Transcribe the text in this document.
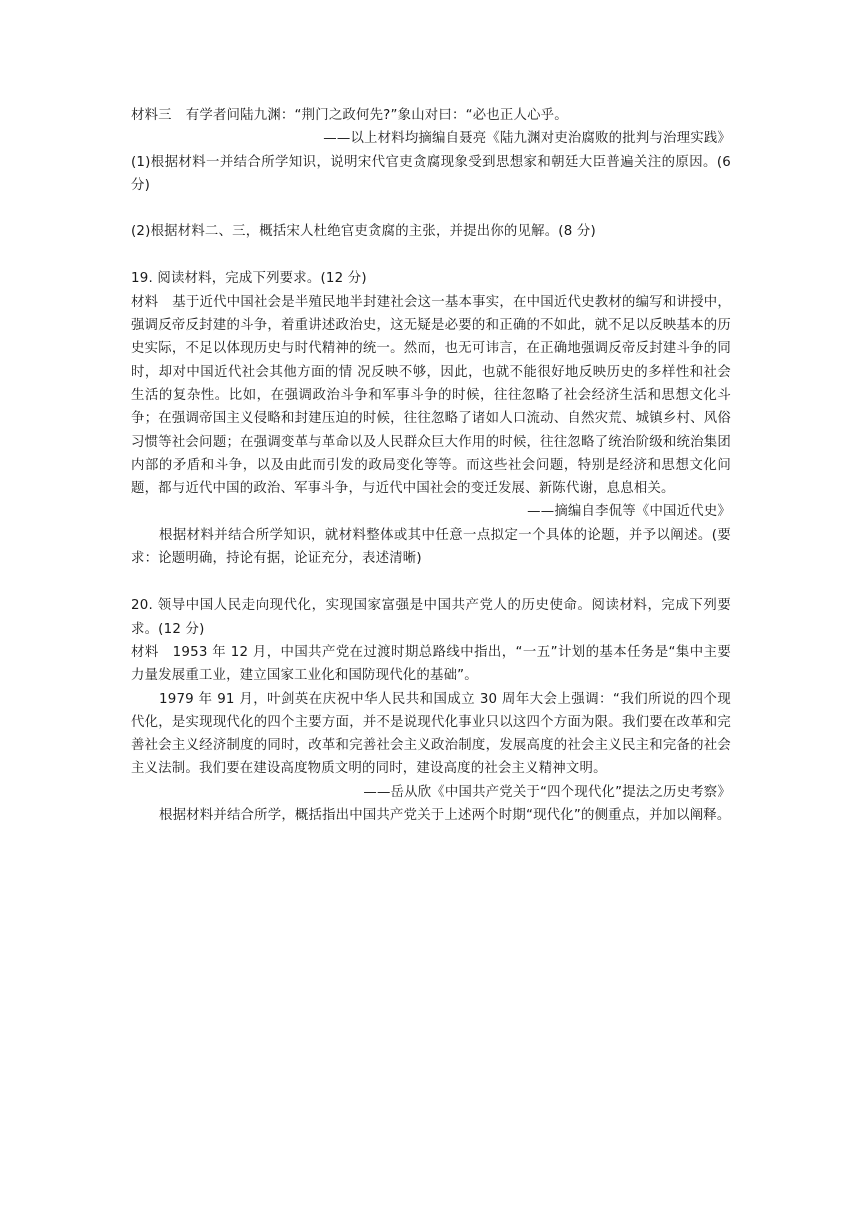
材料三 有学者问陆九渊：“荆门之政何先?”象山对曰：“必也正人心乎。
——以上材料均摘编自聂亮《陆九渊对吏治腐败的批判与治理实践》
(1)根据材料一并结合所学知识，说明宋代官吏贪腐现象受到思想家和朝廷大臣普遍关注的原因。(6 分)
(2)根据材料二、三，概括宋人杜绝官吏贪腐的主张，并提出你的见解。(8 分)
19. 阅读材料，完成下列要求。(12 分)
材料 基于近代中国社会是半殖民地半封建社会这一基本事实，在中国近代史教材的编写和讲授中，强调反帝反封建的斗争，着重讲述政治史，这无疑是必要的和正确的不如此，就不足以反映基本的历史实际，不足以体现历史与时代精神的统一。然而，也无可讳言，在正确地强调反帝反封建斗争的同时，却对中国近代社会其他方面的情 况反映不够，因此，也就不能很好地反映历史的多样性和社会生活的复杂性。比如，在强调政治斗争和军事斗争的时候，往往忽略了社会经济生活和思想文化斗争；在强调帝国主义侵略和封建压迫的时候，往往忽略了诸如人口流动、自然灾荒、城镇乡村、风俗习惯等社会问题；在强调变革与革命以及人民群众巨大作用的时候，往往忽略了统治阶级和统治集团内部的矛盾和斗争，以及由此而引发的政局变化等等。而这些社会问题，特别是经济和思想文化问题，都与近代中国的政治、军事斗争，与近代中国社会的变迁发展、新陈代谢，息息相关。
——摘编自李侃等《中国近代史》
根据材料并结合所学知识，就材料整体或其中任意一点拟定一个具体的论题，并予以阐述。(要求：论题明确，持论有据，论证充分，表述清晰)
20. 领导中国人民走向现代化，实现国家富强是中国共产党人的历史使命。阅读材料，完成下列要求。(12 分)
材料 1953 年 12 月，中国共产党在过渡时期总路线中指出，“一五”计划的基本任务是“集中主要力量发展重工业，建立国家工业化和国防现代化的基础”。
1979 年 91 月，叶剑英在庆祝中华人民共和国成立 30 周年大会上强调：“我们所说的四个现代化，是实现现代化的四个主要方面，并不是说现代化事业只以这四个方面为限。我们要在改革和完善社会主义经济制度的同时，改革和完善社会主义政治制度，发展高度的社会主义民主和完备的社会主义法制。我们要在建设高度物质文明的同时，建设高度的社会主义精神文明。
——岳从欣《中国共产党关于“四个现代化”提法之历史考察》
根据材料并结合所学，概括指出中国共产党关于上述两个时期“现代化”的侧重点，并加以阐释。
